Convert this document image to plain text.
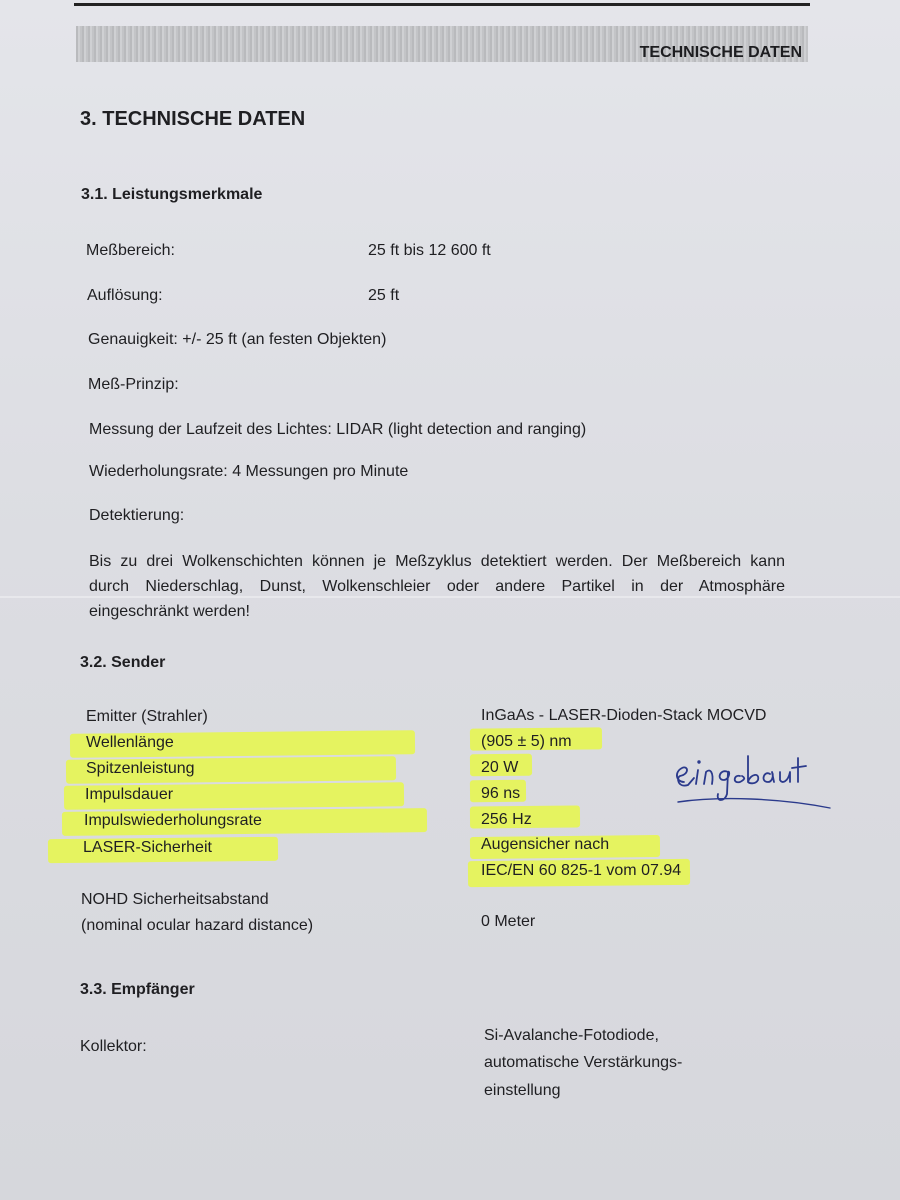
TECHNISCHE DATEN
3. TECHNISCHE DATEN
3.1. Leistungsmerkmale
Meßbereich:	25 ft bis 12 600 ft
Auflösung:	25 ft
Genauigkeit: +/- 25 ft (an festen Objekten)
Meß-Prinzip:
Messung der Laufzeit des Lichtes: LIDAR (light detection and ranging)
Wiederholungsrate: 4 Messungen pro Minute
Detektierung:
Bis zu drei Wolkenschichten können je Meßzyklus detektiert werden. Der Meßbereich kann
durch Niederschlag, Dunst, Wolkenschleier oder andere Partikel in der Atmosphäre
eingeschränkt werden!
3.2. Sender
Emitter (Strahler)	InGaAs - LASER-Dioden-Stack MOCVD
Wellenlänge	(905 ± 5) nm
Spitzenleistung	20 W
Impulsdauer	96 ns
Impulswiederholungsrate	256 Hz
LASER-Sicherheit	Augensicher nach
IEC/EN 60 825-1 vom 07.94
NOHD Sicherheitsabstand
(nominal ocular hazard distance)	0 Meter
3.3. Empfänger
Kollektor:
Si-Avalanche-Fotodiode,
automatische Verstärkungs-
einstellung
